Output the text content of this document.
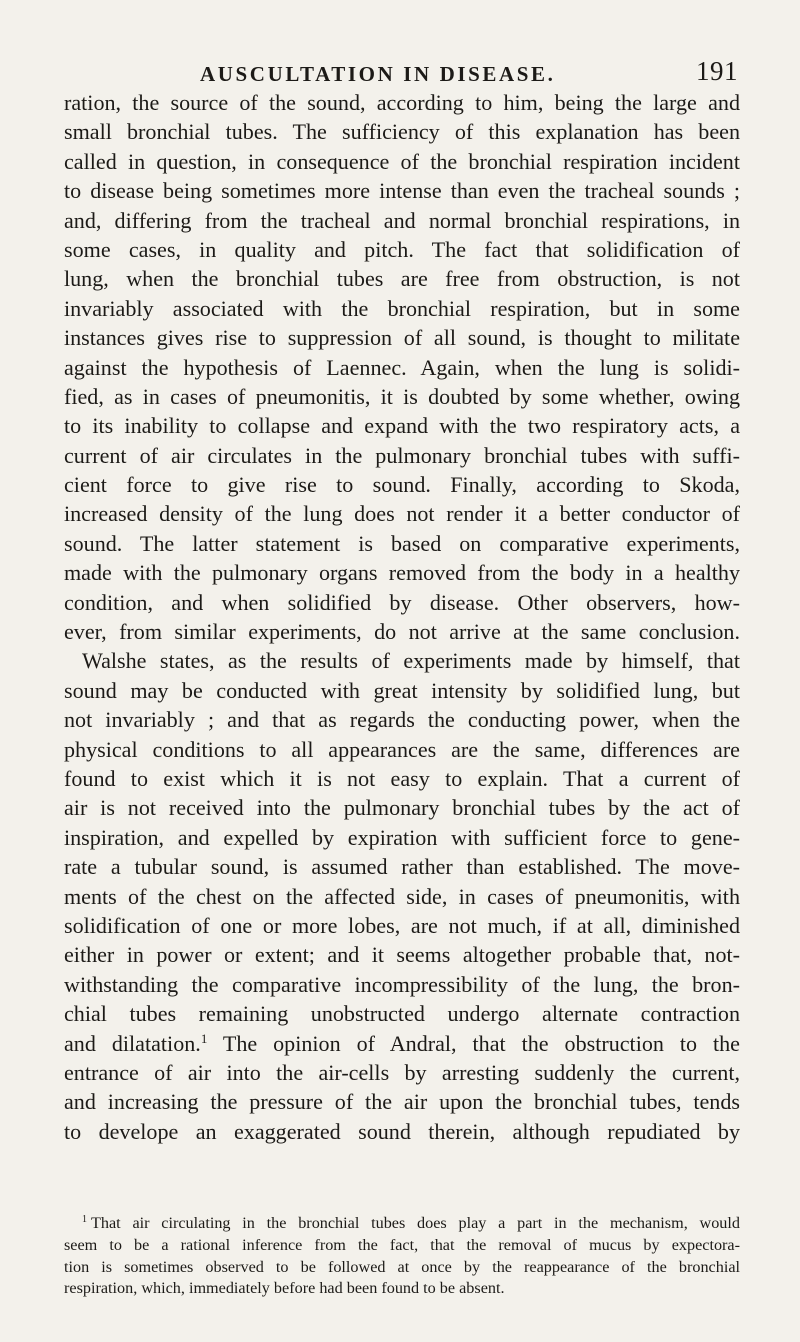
AUSCULTATION IN DISEASE.	191
ration, the source of the sound, according to him, being the large and
small bronchial tubes. The sufficiency of this explanation has been
called in question, in consequence of the bronchial respiration incident
to disease being sometimes more intense than even the tracheal sounds ;
and, differing from the tracheal and normal bronchial respirations, in
some cases, in quality and pitch. The fact that solidification of
lung, when the bronchial tubes are free from obstruction, is not
invariably associated with the bronchial respiration, but in some
instances gives rise to suppression of all sound, is thought to militate
against the hypothesis of Laennec. Again, when the lung is solidi-
fied, as in cases of pneumonitis, it is doubted by some whether, owing
to its inability to collapse and expand with the two respiratory acts, a
current of air circulates in the pulmonary bronchial tubes with suffi-
cient force to give rise to sound. Finally, according to Skoda,
increased density of the lung does not render it a better conductor of
sound. The latter statement is based on comparative experiments,
made with the pulmonary organs removed from the body in a healthy
condition, and when solidified by disease. Other observers, how-
ever, from similar experiments, do not arrive at the same conclusion.
Walshe states, as the results of experiments made by himself, that
sound may be conducted with great intensity by solidified lung, but
not invariably ; and that as regards the conducting power, when the
physical conditions to all appearances are the same, differences are
found to exist which it is not easy to explain. That a current of
air is not received into the pulmonary bronchial tubes by the act of
inspiration, and expelled by expiration with sufficient force to gene-
rate a tubular sound, is assumed rather than established. The move-
ments of the chest on the affected side, in cases of pneumonitis, with
solidification of one or more lobes, are not much, if at all, diminished
either in power or extent; and it seems altogether probable that, not-
withstanding the comparative incompressibility of the lung, the bron-
chial tubes remaining unobstructed undergo alternate contraction
and dilatation.$^1$ The opinion of Andral, that the obstruction to the
entrance of air into the air-cells by arresting suddenly the current,
and increasing the pressure of the air upon the bronchial tubes, tends
to develope an exaggerated sound therein, although repudiated by
$^1$ That air circulating in the bronchial tubes does play a part in the mechanism, would
seem to be a rational inference from the fact, that the removal of mucus by expectora-
tion is sometimes observed to be followed at once by the reappearance of the bronchial
respiration, which, immediately before had been found to be absent.
